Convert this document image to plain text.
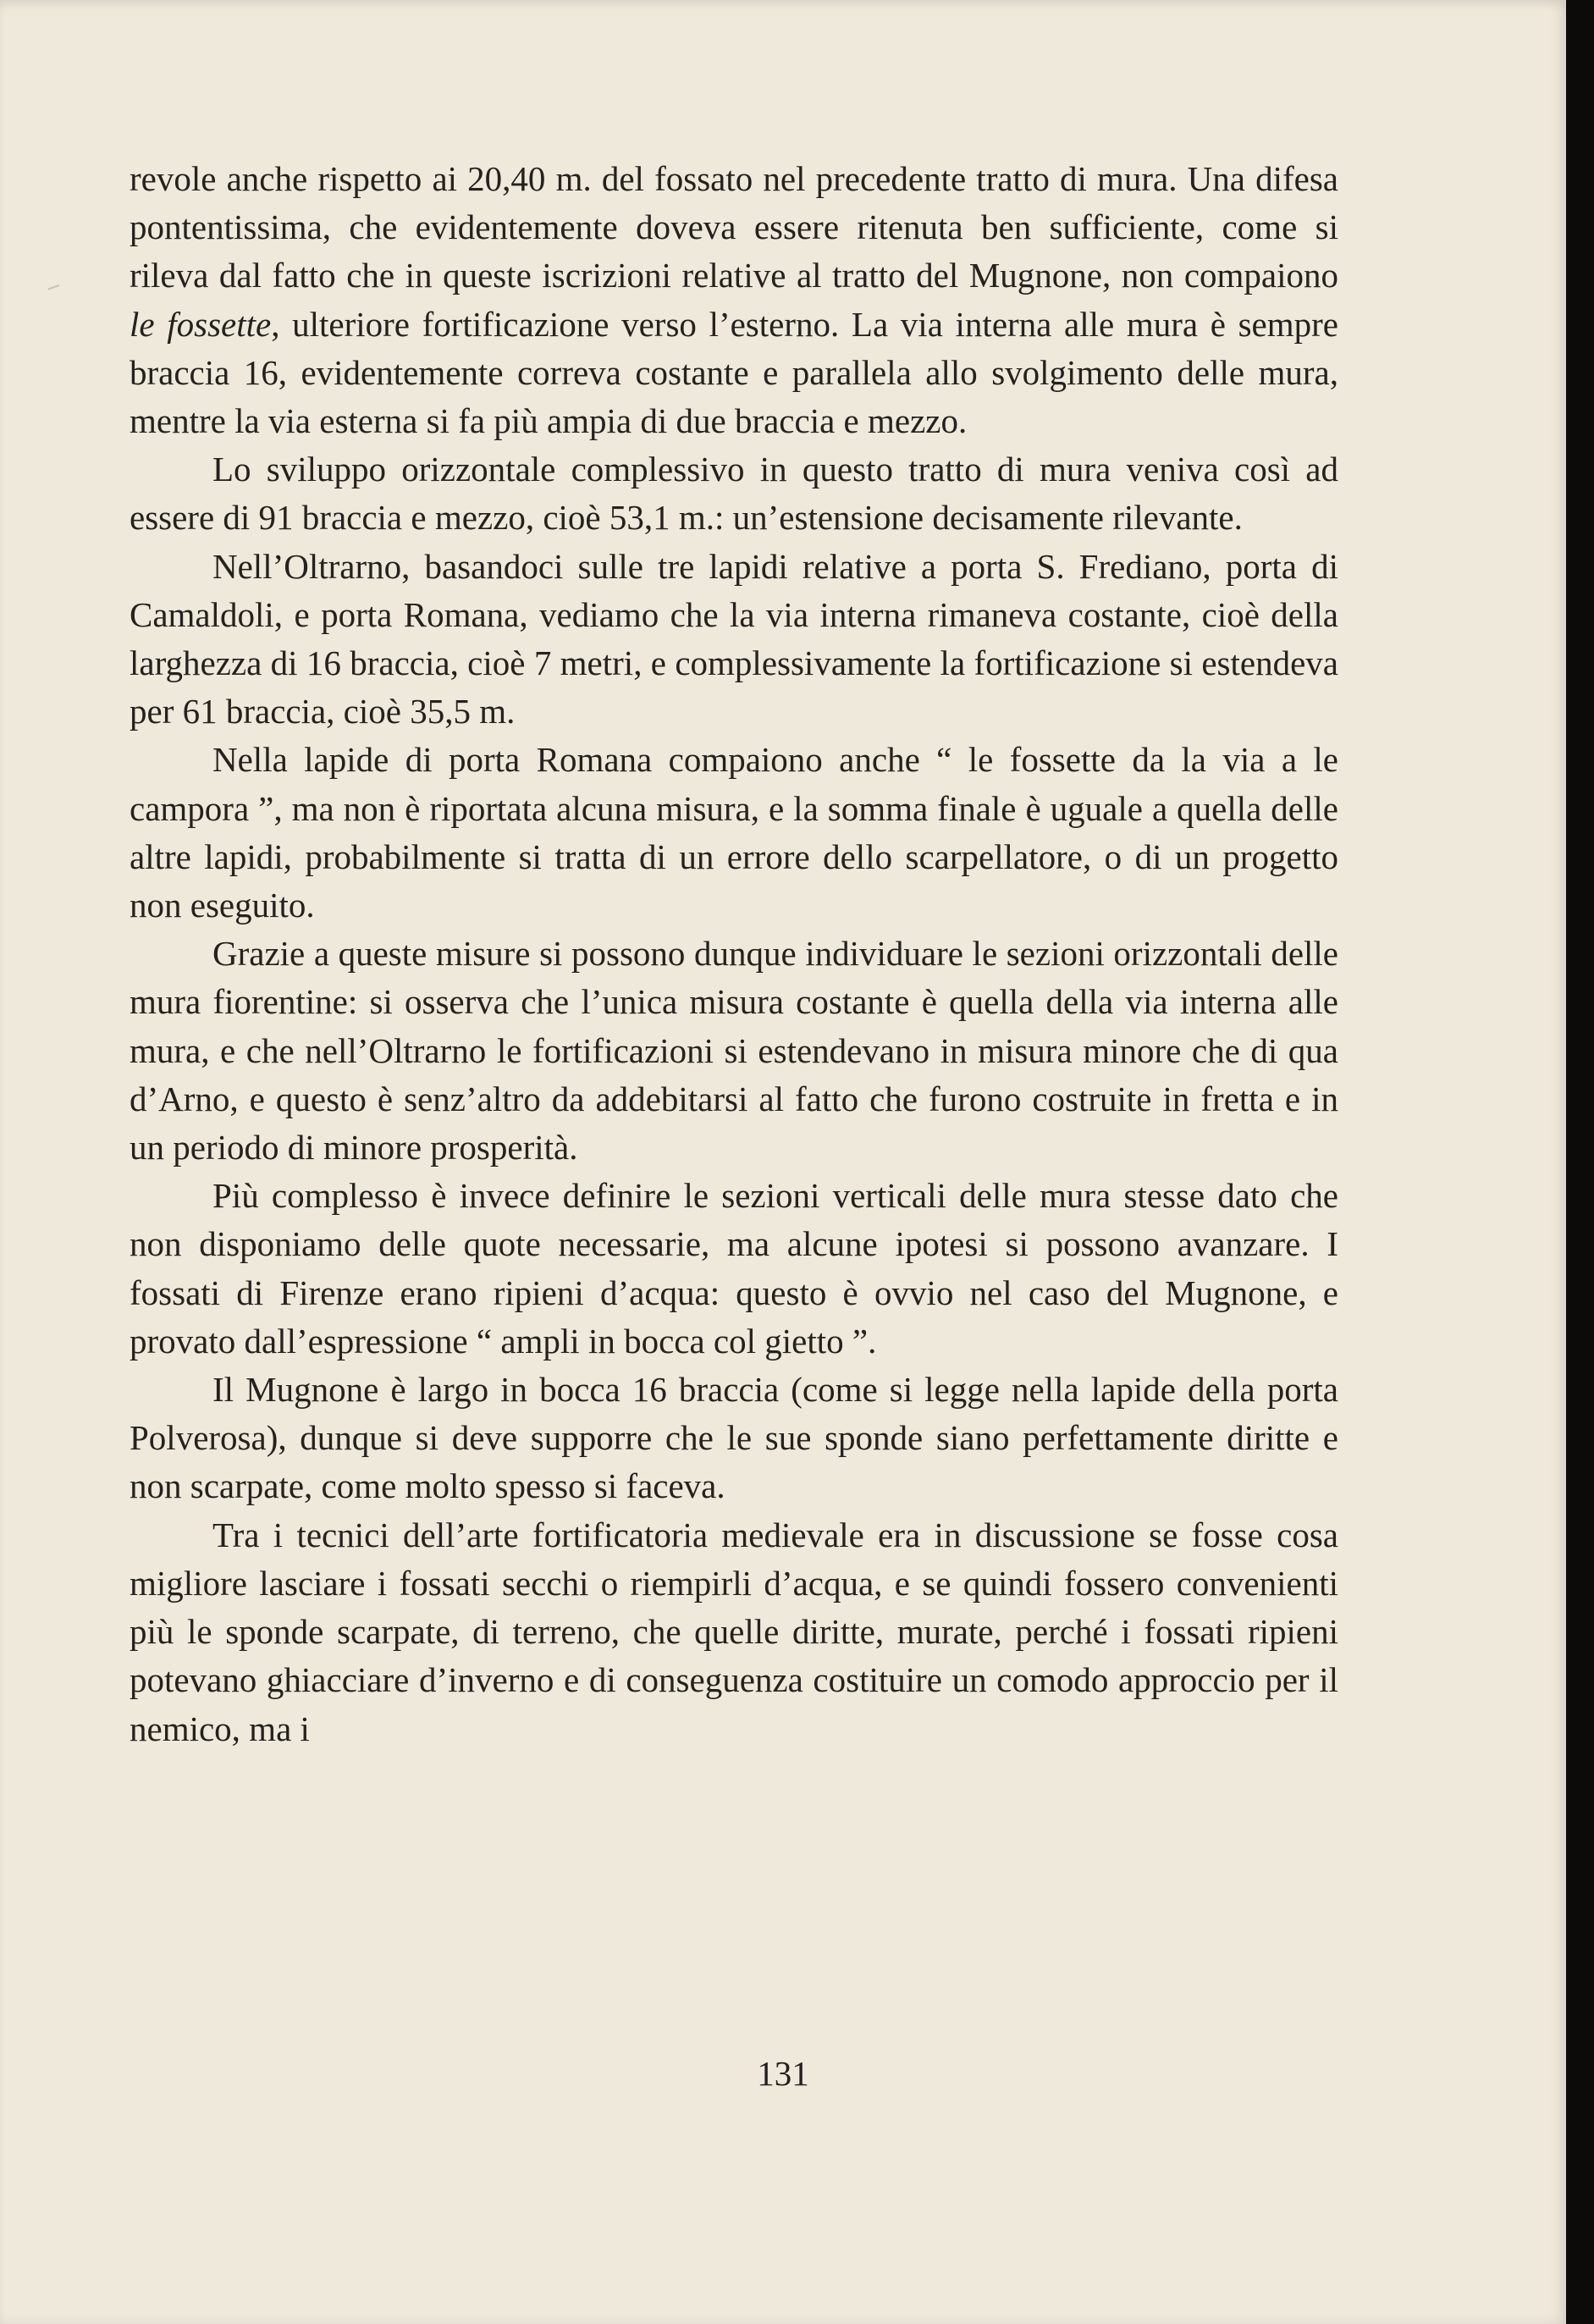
revole anche rispetto ai 20,40 m. del fossato nel precedente tratto di mura. Una difesa pontentissima, che evidentemente doveva essere ritenuta ben sufficiente, come si rileva dal fatto che in queste iscrizioni relative al tratto del Mugnone, non compaiono le fossette, ulteriore fortificazione verso l’esterno. La via interna alle mura è sempre braccia 16, evidentemente correva costante e parallela allo svolgimento delle mura, mentre la via esterna si fa più ampia di due braccia e mezzo.

Lo sviluppo orizzontale complessivo in questo tratto di mura veniva così ad essere di 91 braccia e mezzo, cioè 53,1 m.: un’estensione decisamente rilevante.

Nell’Oltrarno, basandoci sulle tre lapidi relative a porta S. Frediano, porta di Camaldoli, e porta Romana, vediamo che la via interna rimaneva costante, cioè della larghezza di 16 braccia, cioè 7 metri, e complessivamente la fortificazione si estendeva per 61 braccia, cioè 35,5 m.

Nella lapide di porta Romana compaiono anche “ le fossette da la via a le campora ”, ma non è riportata alcuna misura, e la somma finale è uguale a quella delle altre lapidi, probabilmente si tratta di un errore dello scarpellatore, o di un progetto non eseguito.

Grazie a queste misure si possono dunque individuare le sezioni orizzontali delle mura fiorentine: si osserva che l’unica misura costante è quella della via interna alle mura, e che nell’Oltrarno le fortificazioni si estendevano in misura minore che di qua d’Arno, e questo è senz’altro da addebitarsi al fatto che furono costruite in fretta e in un periodo di minore prosperità.

Più complesso è invece definire le sezioni verticali delle mura stesse dato che non disponiamo delle quote necessarie, ma alcune ipotesi si possono avanzare. I fossati di Firenze erano ripieni d’acqua: questo è ovvio nel caso del Mugnone, e provato dall’espressione “ ampli in bocca col gietto ”.

Il Mugnone è largo in bocca 16 braccia (come si legge nella lapide della porta Polverosa), dunque si deve supporre che le sue sponde siano perfettamente diritte e non scarpate, come molto spesso si faceva.

Tra i tecnici dell’arte fortificatoria medievale era in discussione se fosse cosa migliore lasciare i fossati secchi o riempirli d’acqua, e se quindi fossero convenienti più le sponde scarpate, di terreno, che quelle diritte, murate, perché i fossati ripieni potevano ghiacciare d’inverno e di conseguenza costituire un comodo approccio per il nemico, ma i

131
